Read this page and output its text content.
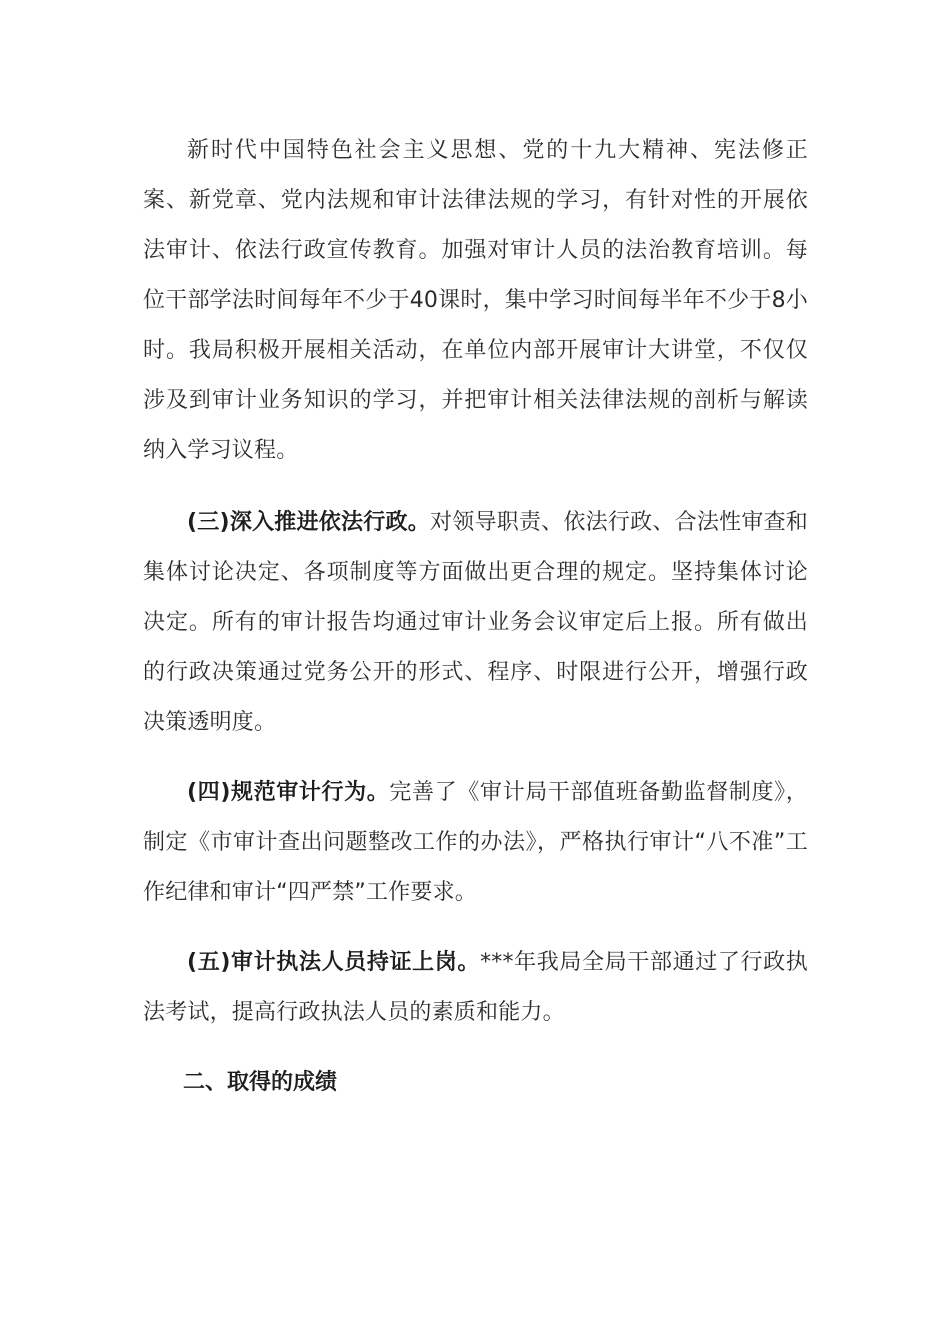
新时代中国特色社会主义思想、党的十九大精神、宪法修正案、新党章、党内法规和审计法律法规的学习，有针对性的开展依法审计、依法行政宣传教育。加强对审计人员的法治教育培训。每位干部学法时间每年不少于40课时，集中学习时间每半年不少于8小时。我局积极开展相关活动，在单位内部开展审计大讲堂，不仅仅涉及到审计业务知识的学习，并把审计相关法律法规的剖析与解读纳入学习议程。

(三)深入推进依法行政。对领导职责、依法行政、合法性审查和集体讨论决定、各项制度等方面做出更合理的规定。坚持集体讨论决定。所有的审计报告均通过审计业务会议审定后上报。所有做出的行政决策通过党务公开的形式、程序、时限进行公开，增强行政决策透明度。

(四)规范审计行为。完善了《审计局干部值班备勤监督制度》，制定《市审计查出问题整改工作的办法》，严格执行审计“八不准”工作纪律和审计“四严禁”工作要求。

(五)审计执法人员持证上岗。***年我局全局干部通过了行政执法考试，提高行政执法人员的素质和能力。

二、取得的成绩
